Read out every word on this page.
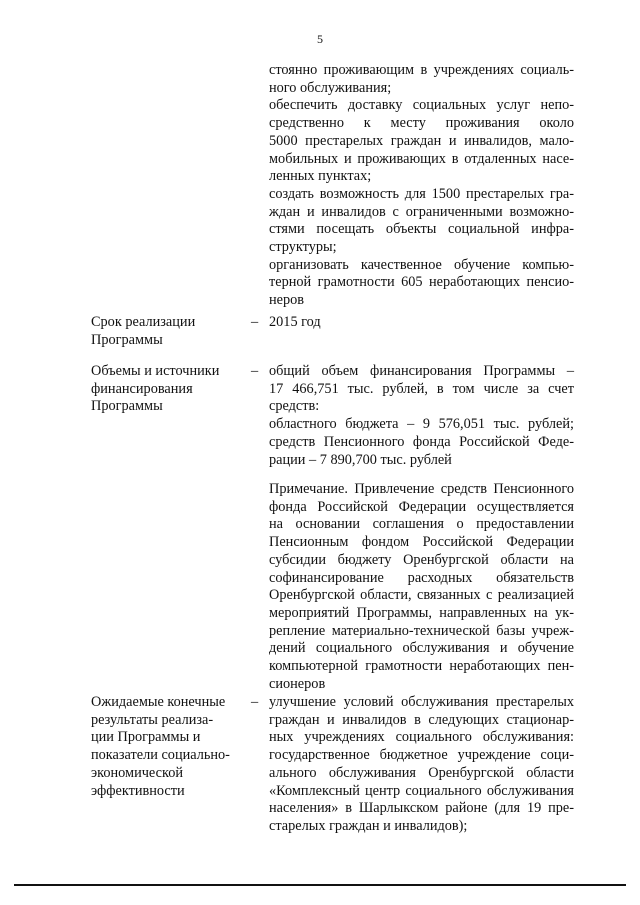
5
стоянно проживающим в учреждениях социаль-
ного обслуживания;
обеспечить доставку социальных услуг непо-
средственно к месту проживания около
5000 престарелых граждан и инвалидов, мало-
мобильных и проживающих в отдаленных насе-
ленных пунктах;
создать возможность для 1500 престарелых гра-
ждан и инвалидов с ограниченными возможно-
стями посещать объекты социальной инфра-
структуры;
организовать качественное обучение компью-
терной грамотности 605 неработающих пенсио-
неров
Срок реализации
Программы
– 2015 год
Объемы и источники
финансирования
Программы
– общий объем финансирования Программы –
17 466,751 тыс. рублей, в том числе за счет
средств:
областного бюджета – 9 576,051 тыс. рублей;
средств Пенсионного фонда Российской Феде-
рации – 7 890,700 тыс. рублей
Примечание. Привлечение средств Пенсионного
фонда Российской Федерации осуществляется
на основании соглашения о предоставлении
Пенсионным фондом Российской Федерации
субсидии бюджету Оренбургской области на
софинансирование расходных обязательств
Оренбургской области, связанных с реализацией
мероприятий Программы, направленных на ук-
репление материально-технической базы учреж-
дений социального обслуживания и обучение
компьютерной грамотности неработающих пен-
сионеров
Ожидаемые конечные
результаты реализа-
ции Программы и
показатели социально-
экономической
эффективности
– улучшение условий обслуживания престарелых
граждан и инвалидов в следующих стационар-
ных учреждениях социального обслуживания:
государственное бюджетное учреждение соци-
ального обслуживания Оренбургской области
«Комплексный центр социального обслуживания
населения» в Шарлыкском районе (для 19 пре-
старелых граждан и инвалидов);
